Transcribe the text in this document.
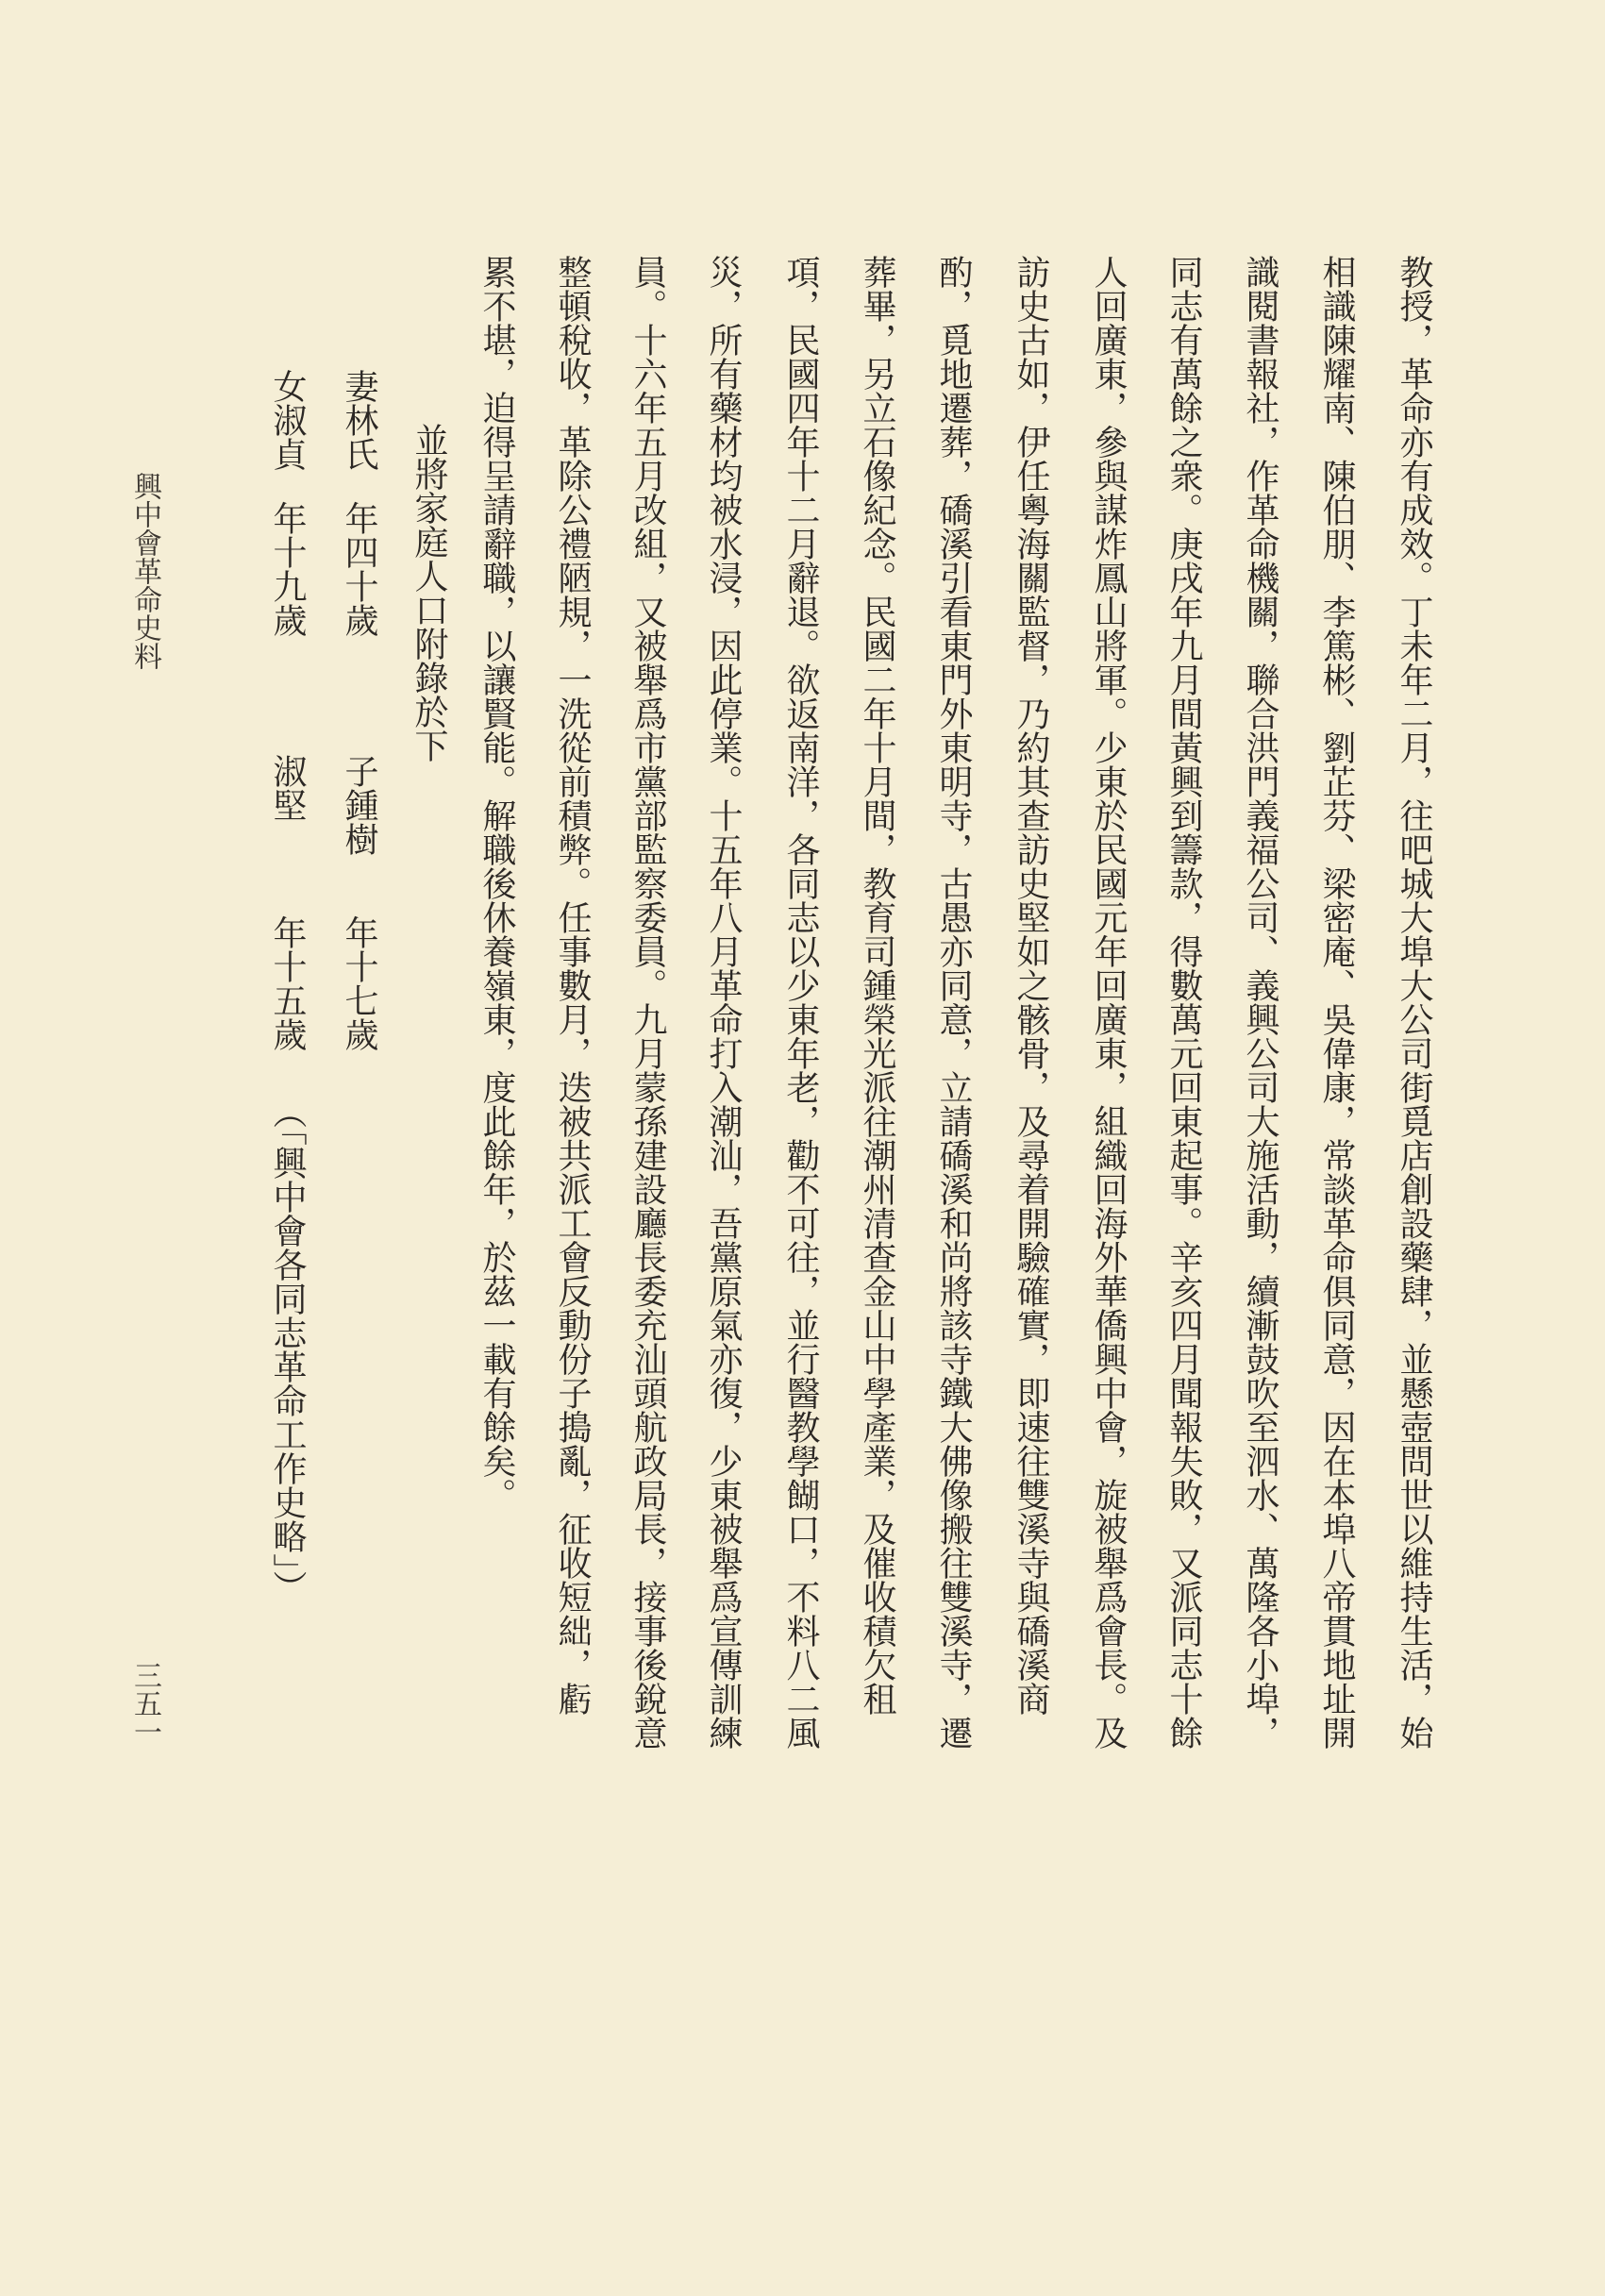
教授，革命亦有成效。丁未年二月，往吧城大埠大公司街覓店創設藥肆，並懸壺問世以維持生活，始
相識陳耀南、陳伯朋、李篤彬、劉芷芬、梁密庵、吳偉康，常談革命俱同意，因在本埠八帝貫地址開
識閱書報社，作革命機關，聯合洪門義福公司、義興公司大施活動，續漸鼓吹至泗水、萬隆各小埠，
同志有萬餘之衆。庚戌年九月間黃興到籌款，得數萬元回東起事。辛亥四月聞報失敗，又派同志十餘
人回廣東，參與謀炸鳳山將軍。少東於民國元年回廣東，組織回海外華僑興中會，旋被舉爲會長。及
訪史古如，伊任粵海關監督，乃約其查訪史堅如之骸骨，及尋着開驗確實，即速往雙溪寺與礄溪商
酌，覓地遷葬，礄溪引看東門外東明寺，古愚亦同意，立請礄溪和尚將該寺鐵大佛像搬往雙溪寺，遷
葬畢，另立石像紀念。民國二年十月間，教育司鍾榮光派往潮州清查金山中學產業，及催收積欠租
項，民國四年十二月辭退。欲返南洋，各同志以少東年老，勸不可往，並行醫教學餬口，不料八二風
災，所有藥材均被水浸，因此停業。十五年八月革命打入潮汕，吾黨原氣亦復，少東被舉爲宣傳訓練
員。十六年五月改組，又被舉爲市黨部監察委員。九月蒙孫建設廳長委充汕頭航政局長，接事後銳意
整頓稅收，革除公禮陋規，一洗從前積弊。任事數月，迭被共派工會反動份子搗亂，征收短絀，虧
累不堪，迫得呈請辭職，以讓賢能。解職後休養嶺東，度此餘年，於茲一載有餘矣。
並將家庭人口附錄於下
妻林氏
年四十歲
子鍾樹
年十七歲
女淑貞
年十九歲
淑堅
年十五歲
（「興中會各同志革命工作史略」）
興中會革命史料
三五一
